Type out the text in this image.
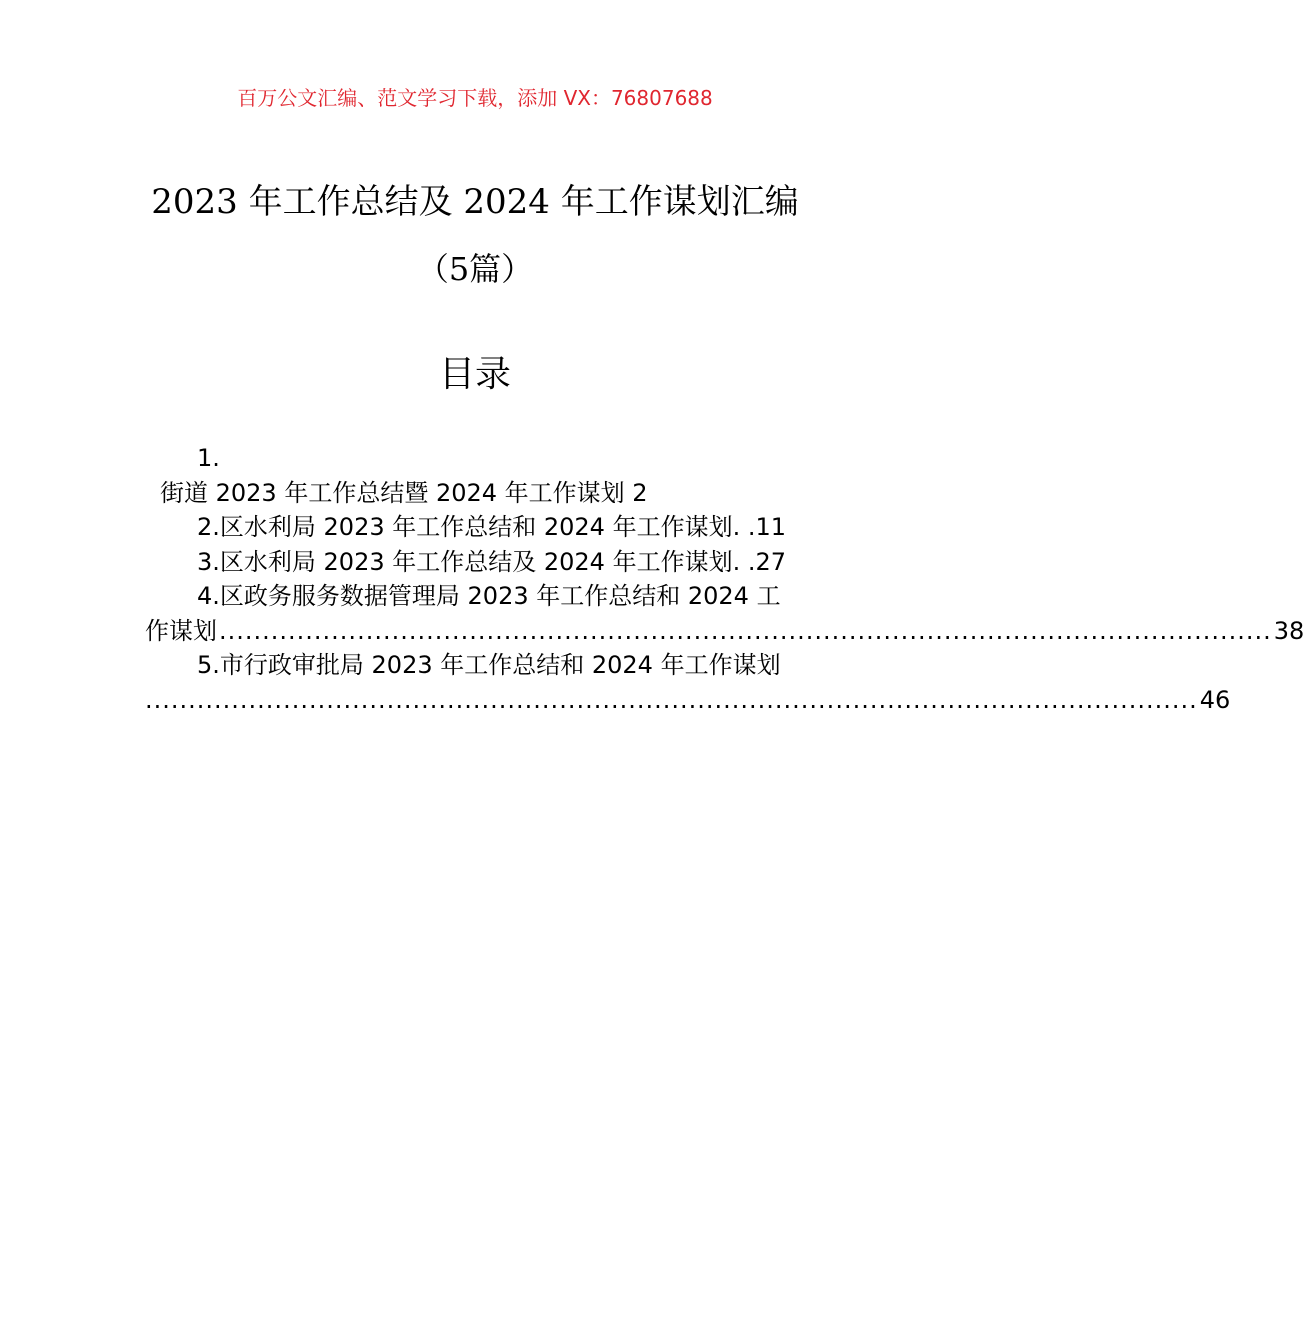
百万公文汇编、范文学习下载，添加 VX：76807688
2023 年工作总结及 2024 年工作谋划汇编
（5篇）
目录
1.
街道 2023 年工作总结暨 2024 年工作谋划 2
2.区水利局 2023 年工作总结和 2024 年工作谋划. .11
3.区水利局 2023 年工作总结及 2024 年工作谋划. .27
4.区政务服务数据管理局 2023 年工作总结和 2024 工
作谋划 .......................................................................................................................... 38
5.市行政审批局 2023 年工作总结和 2024 年工作谋划
.......................................................................................................................... 46
